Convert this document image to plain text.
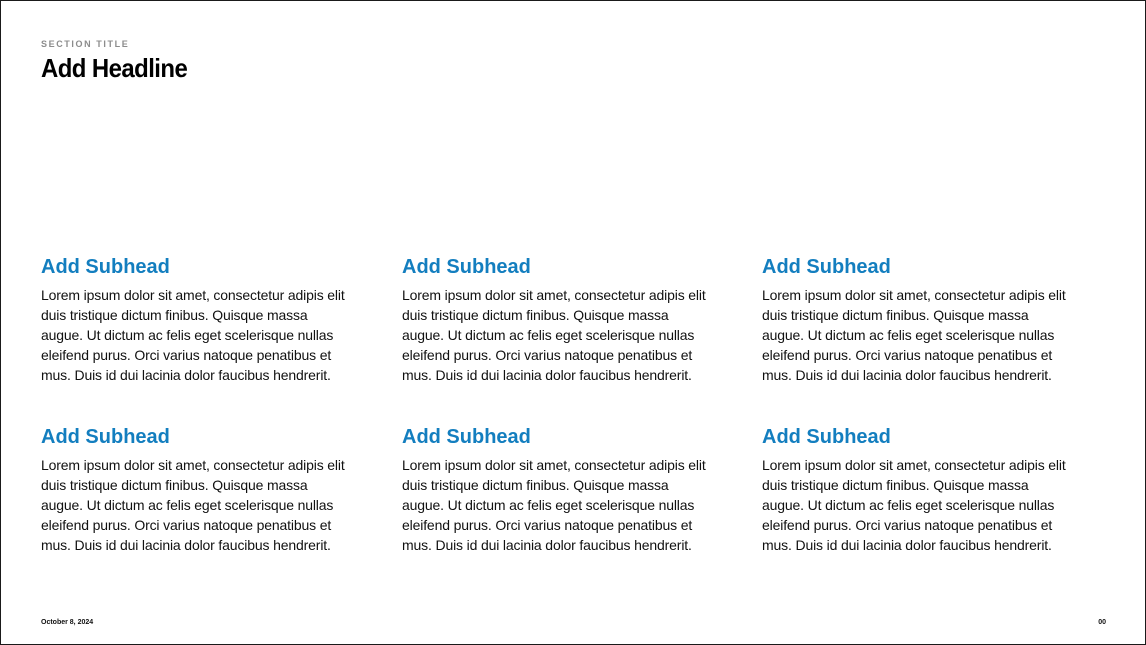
SECTION TITLE
Add Headline
Add Subhead

Lorem ipsum dolor sit amet, consectetur adipis elit duis tristique dictum finibus. Quisque massa augue. Ut dictum ac felis eget scelerisque nullas eleifend purus. Orci varius natoque penatibus et mus. Duis id dui lacinia dolor faucibus hendrerit.

Add Subhead

Lorem ipsum dolor sit amet, consectetur adipis elit duis tristique dictum finibus. Quisque massa augue. Ut dictum ac felis eget scelerisque nullas eleifend purus. Orci varius natoque penatibus et mus. Duis id dui lacinia dolor faucibus hendrerit.

Add Subhead

Lorem ipsum dolor sit amet, consectetur adipis elit duis tristique dictum finibus. Quisque massa augue. Ut dictum ac felis eget scelerisque nullas eleifend purus. Orci varius natoque penatibus et mus. Duis id dui lacinia dolor faucibus hendrerit.

Add Subhead

Lorem ipsum dolor sit amet, consectetur adipis elit duis tristique dictum finibus. Quisque massa augue. Ut dictum ac felis eget scelerisque nullas eleifend purus. Orci varius natoque penatibus et mus. Duis id dui lacinia dolor faucibus hendrerit.

Add Subhead

Lorem ipsum dolor sit amet, consectetur adipis elit duis tristique dictum finibus. Quisque massa augue. Ut dictum ac felis eget scelerisque nullas eleifend purus. Orci varius natoque penatibus et mus. Duis id dui lacinia dolor faucibus hendrerit.

Add Subhead

Lorem ipsum dolor sit amet, consectetur adipis elit duis tristique dictum finibus. Quisque massa augue. Ut dictum ac felis eget scelerisque nullas eleifend purus. Orci varius natoque penatibus et mus. Duis id dui lacinia dolor faucibus hendrerit.

October 8, 2024	00
